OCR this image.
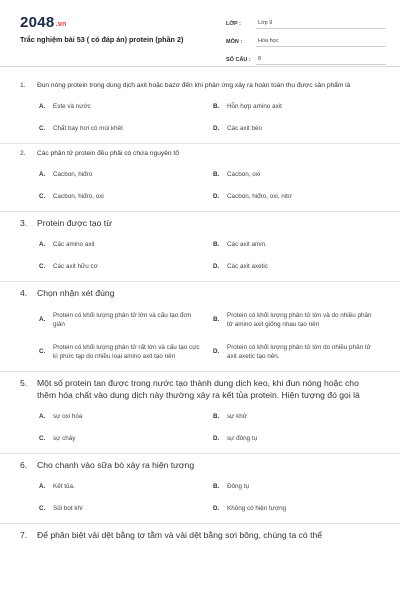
2048.vn
Trắc nghiệm bài 53 ( có đáp án) protein (phần 2)
LỚP :	Lớp 9
MÔN :	Hóa học
SỐ CÂU :	8
1.	Đun nóng protein trong dung dịch axit hoặc bazơ đến khi phản ứng xảy ra hoàn toàn thu được sản phẩm là
A.	Este và nước	B.	Hỗn hợp amino axit
C.	Chất bay hơi có mùi khét	D.	Các axit béo
2.	Các phân tử protein đều phải có chứa nguyên tố
A.	Cacbon, hiđro	B.	Cacbon, oxi
C.	Cacbon, hiđro, oxi	D.	Cacbon, hiđro, oxi, nitơ
3.	Protein được tạo từ
A.	Các amino axit	B.	Các axit amin.
C.	Các axit hữu cơ	D.	Các axit axetic
4.	Chọn nhận xét đúng
A.
Protein có khối lượng phân tử lớn và cấu tạo đơn giản
B.
Protein có khối lượng phân tử lớn và do nhiều phân tử amino axit giống nhau tạo nên
C.
Protein có khối lượng phân tử rất lớn và cấu tạo cực kì phức tạp do nhiều loại amino axit tạo nên
D.
Protein có khối lượng phân tử lớn do nhiều phân tử axit axetic tạo nên.
5.	Một số protein tan được trong nước tạo thành dung dịch keo, khi đun nóng hoặc cho thêm hóa chất vào dung dịch này thường xảy ra kết tủa protein. Hiện tượng đó gọi là
A.	sự oxi hóa	B.	sự khử
C.	sự cháy	D.	sự đông tụ
6.	Cho chanh vào sữa bò xảy ra hiện tượng
A.	Kết tủa.	B.	Đông tụ
C.	Sủi bọt khí	D.	Không có hiện tượng
7.	Để phân biệt vải dệt bằng tơ tằm và vải dệt bằng sợi bông, chúng ta có thể
